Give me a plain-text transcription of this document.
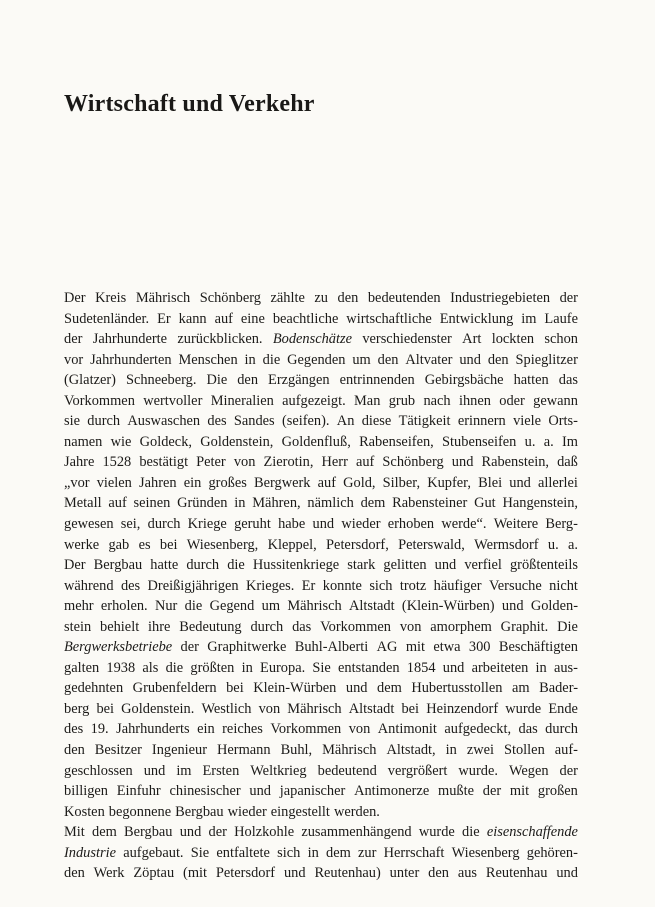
Wirtschaft und Verkehr
Der Kreis Mährisch Schönberg zählte zu den bedeutenden Industriegebieten der
Sudetenländer. Er kann auf eine beachtliche wirtschaftliche Entwicklung im Laufe
der Jahrhunderte zurückblicken. Bodenschätze verschiedenster Art lockten schon
vor Jahrhunderten Menschen in die Gegenden um den Altvater und den Spieglitzer
(Glatzer) Schneeberg. Die den Erzgängen entrinnenden Gebirgsbäche hatten das
Vorkommen wertvoller Mineralien aufgezeigt. Man grub nach ihnen oder gewann
sie durch Auswaschen des Sandes (seifen). An diese Tätigkeit erinnern viele Orts-
namen wie Goldeck, Goldenstein, Goldenfluß, Rabenseifen, Stubenseifen u. a. Im
Jahre 1528 bestätigt Peter von Zierotin, Herr auf Schönberg und Rabenstein, daß
„vor vielen Jahren ein großes Bergwerk auf Gold, Silber, Kupfer, Blei und allerlei
Metall auf seinen Gründen in Mähren, nämlich dem Rabensteiner Gut Hangenstein,
gewesen sei, durch Kriege geruht habe und wieder erhoben werde“. Weitere Berg-
werke gab es bei Wiesenberg, Kleppel, Petersdorf, Peterswald, Wermsdorf u. a.
Der Bergbau hatte durch die Hussitenkriege stark gelitten und verfiel größtenteils
während des Dreißigjährigen Krieges. Er konnte sich trotz häufiger Versuche nicht
mehr erholen. Nur die Gegend um Mährisch Altstadt (Klein-Würben) und Golden-
stein behielt ihre Bedeutung durch das Vorkommen von amorphem Graphit. Die
Bergwerksbetriebe der Graphitwerke Buhl-Alberti AG mit etwa 300 Beschäftigten
galten 1938 als die größten in Europa. Sie entstanden 1854 und arbeiteten in aus-
gedehnten Grubenfeldern bei Klein-Würben und dem Hubertusstollen am Bader-
berg bei Goldenstein. Westlich von Mährisch Altstadt bei Heinzendorf wurde Ende
des 19. Jahrhunderts ein reiches Vorkommen von Antimonit aufgedeckt, das durch
den Besitzer Ingenieur Hermann Buhl, Mährisch Altstadt, in zwei Stollen auf-
geschlossen und im Ersten Weltkrieg bedeutend vergrößert wurde. Wegen der
billigen Einfuhr chinesischer und japanischer Antimonerze mußte der mit großen
Kosten begonnene Bergbau wieder eingestellt werden.
Mit dem Bergbau und der Holzkohle zusammenhängend wurde die eisenschaffende
Industrie aufgebaut. Sie entfaltete sich in dem zur Herrschaft Wiesenberg gehören-
den Werk Zöptau (mit Petersdorf und Reutenhau) unter den aus Reutenhau und
